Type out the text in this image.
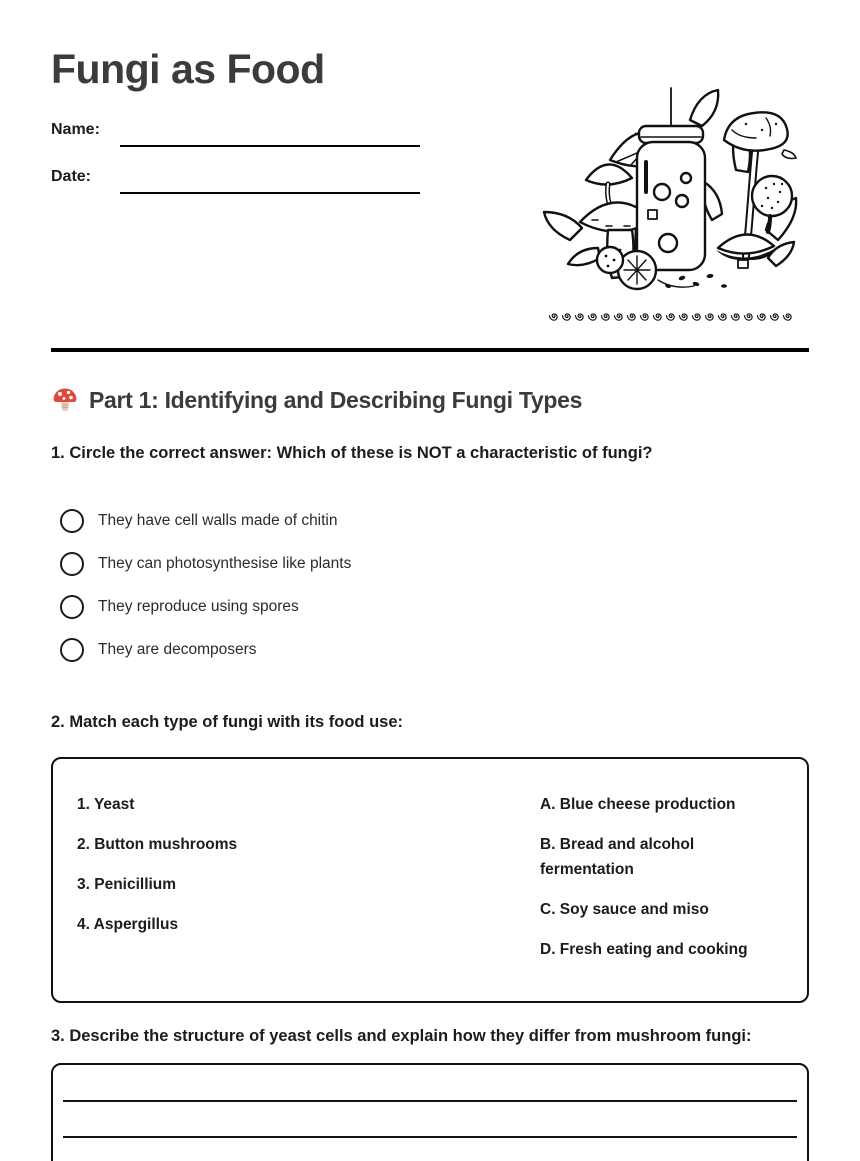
Fungi as Food
Name:
Date:
Part 1: Identifying and Describing Fungi Types

1. Circle the correct answer: Which of these is NOT a characteristic of fungi?

They have cell walls made of chitin
They can photosynthesise like plants
They reproduce using spores
They are decomposers

2. Match each type of fungi with its food use:

1. Yeast
2. Button mushrooms
3. Penicillium
4. Aspergillus
A. Blue cheese production
B. Bread and alcohol fermentation
C. Soy sauce and miso
D. Fresh eating and cooking

3. Describe the structure of yeast cells and explain how they differ from mushroom fungi:
